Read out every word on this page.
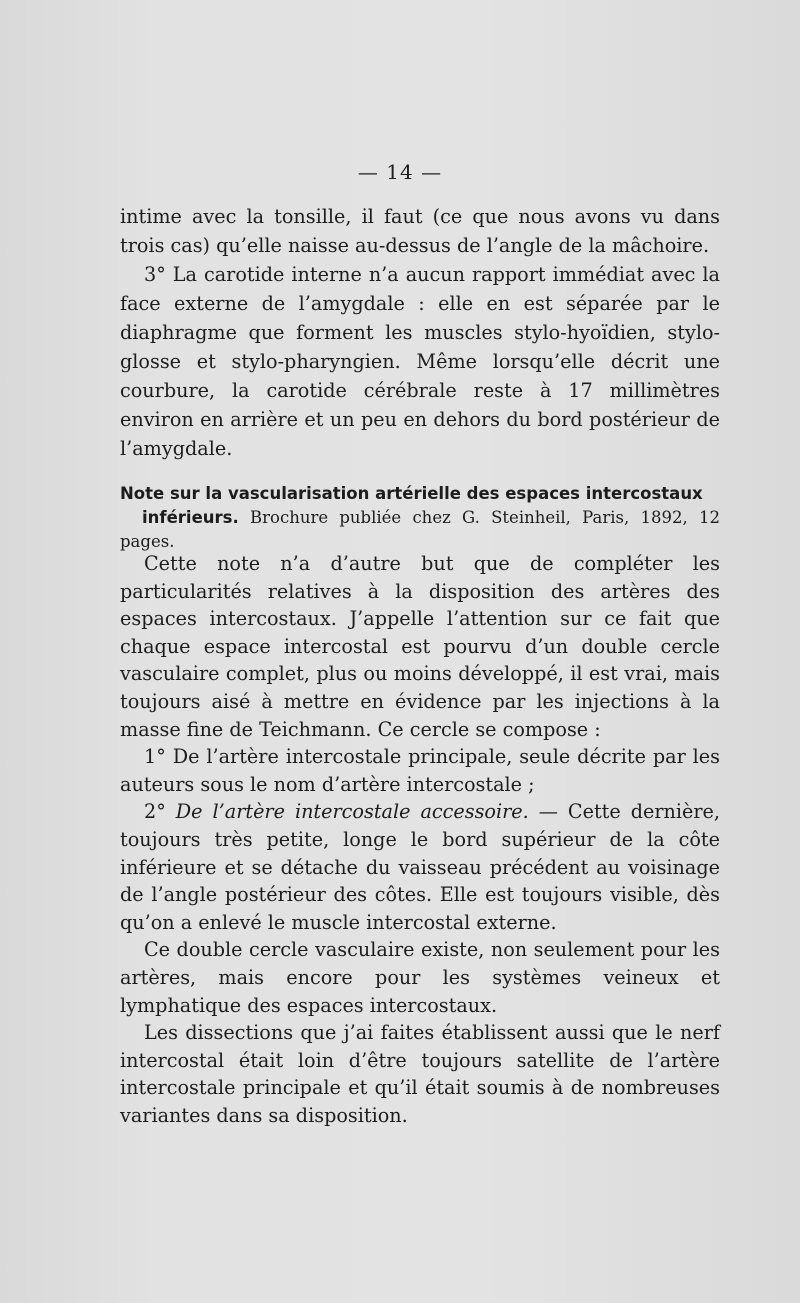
— 14 —

intime avec la tonsille, il faut (ce que nous avons vu dans trois cas) qu’elle naisse au-dessus de l’angle de la mâchoire.

3° La carotide interne n’a aucun rapport immédiat avec la face externe de l’amygdale : elle en est séparée par le diaphragme que forment les muscles stylo-hyoïdien, stylo-glosse et stylo-pharyngien. Même lorsqu’elle décrit une courbure, la carotide cérébrale reste à 17 millimètres environ en arrière et un peu en dehors du bord postérieur de l’amygdale.

Note sur la vascularisation artérielle des espaces intercostaux

inférieurs. Brochure publiée chez G. Steinheil, Paris, 1892, 12 pages.

Cette note n’a d’autre but que de compléter les particularités relatives à la disposition des artères des espaces intercostaux. J’appelle l’attention sur ce fait que chaque espace intercostal est pourvu d’un double cercle vasculaire complet, plus ou moins développé, il est vrai, mais toujours aisé à mettre en évidence par les injections à la masse fine de Teichmann. Ce cercle se compose :

1° De l’artère intercostale principale, seule décrite par les auteurs sous le nom d’artère intercostale ;

2° De l’artère intercostale accessoire. — Cette dernière, toujours très petite, longe le bord supérieur de la côte inférieure et se détache du vaisseau précédent au voisinage de l’angle postérieur des côtes. Elle est toujours visible, dès qu’on a enlevé le muscle intercostal externe.

Ce double cercle vasculaire existe, non seulement pour les artères, mais encore pour les systèmes veineux et lymphatique des espaces intercostaux.

Les dissections que j’ai faites établissent aussi que le nerf intercostal était loin d’être toujours satellite de l’artère intercostale principale et qu’il était soumis à de nombreuses variantes dans sa disposition.
